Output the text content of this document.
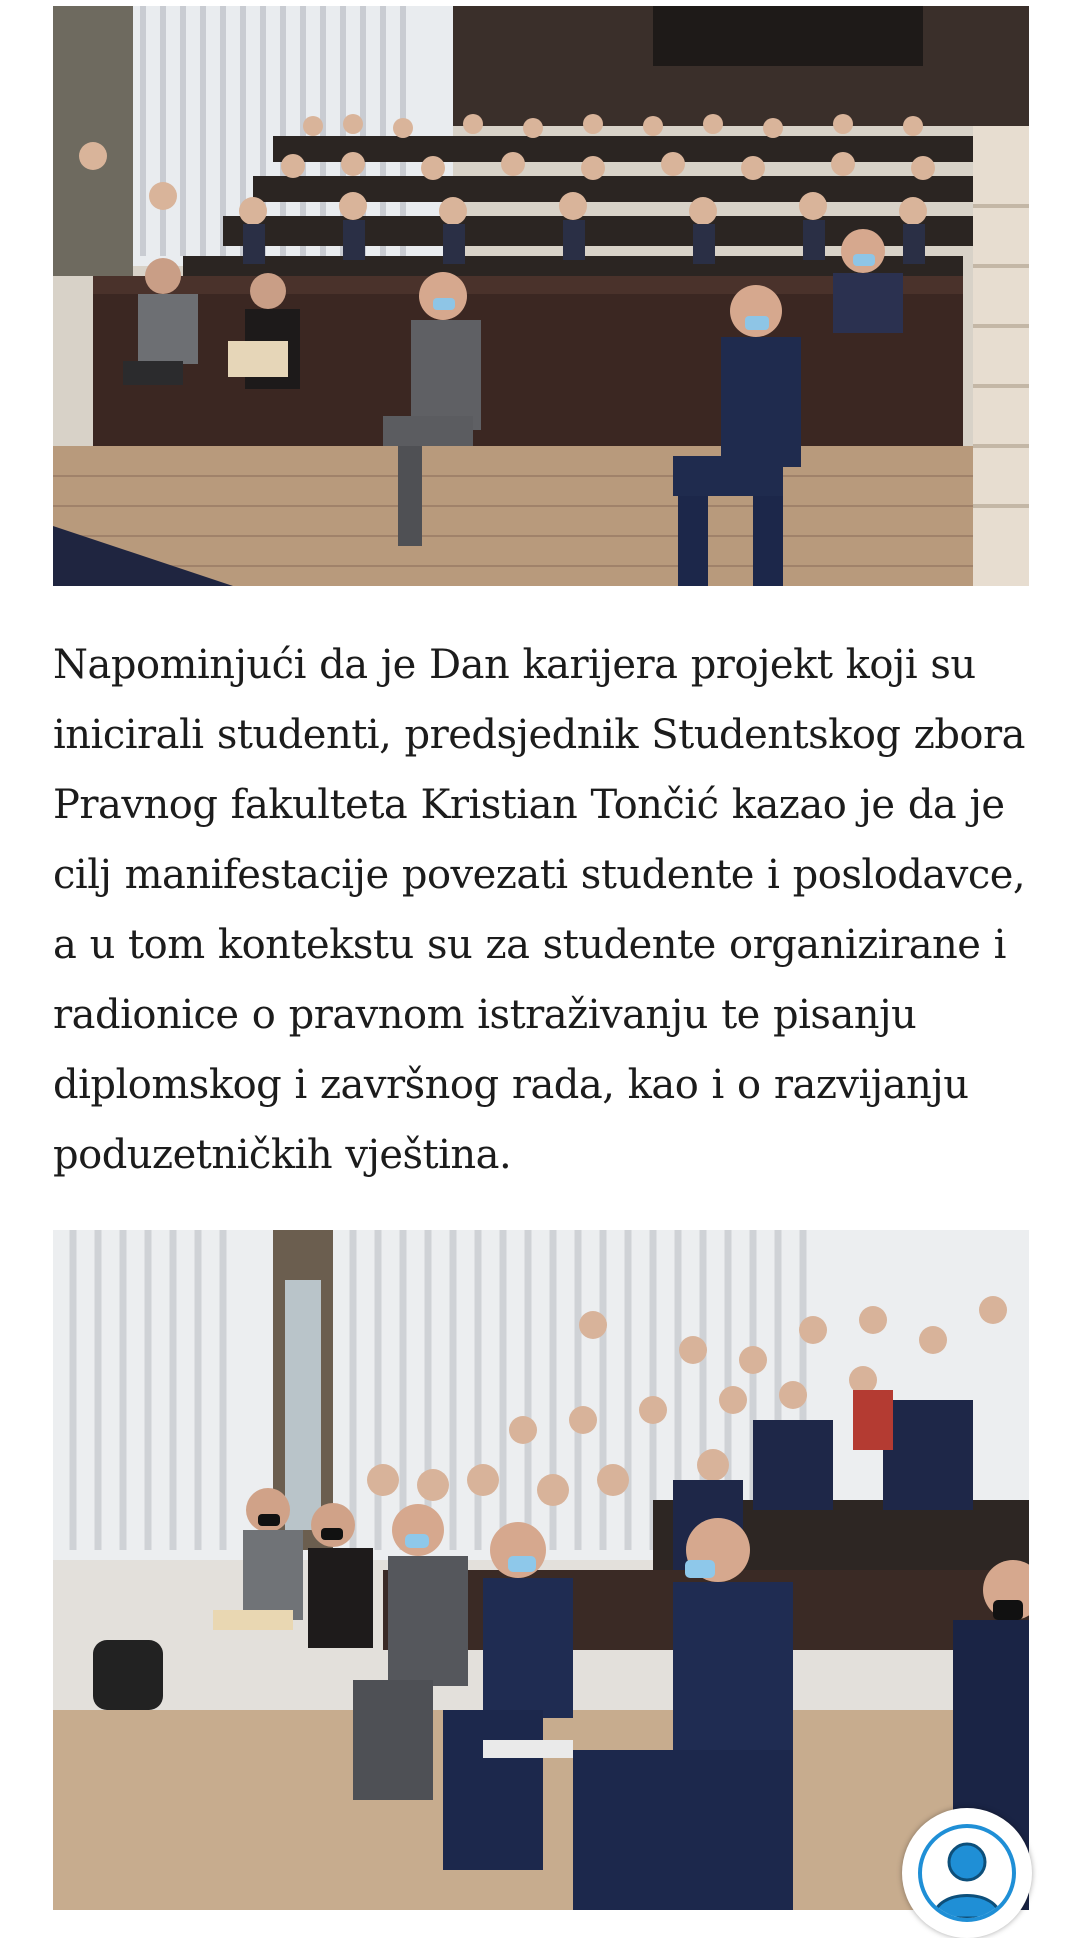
Napominjući da je Dan karijera projekt koji su inicirali studenti, predsjednik Studentskog zbora Pravnog fakulteta Kristian Tončić kazao je da je cilj manifestacije povezati studente i poslodavce, a u tom kontekstu su za studente organizirane i radionice o pravnom istraživanju te pisanju diplomskog i završnog rada, kao i o razvijanju poduzetničkih vještina.
